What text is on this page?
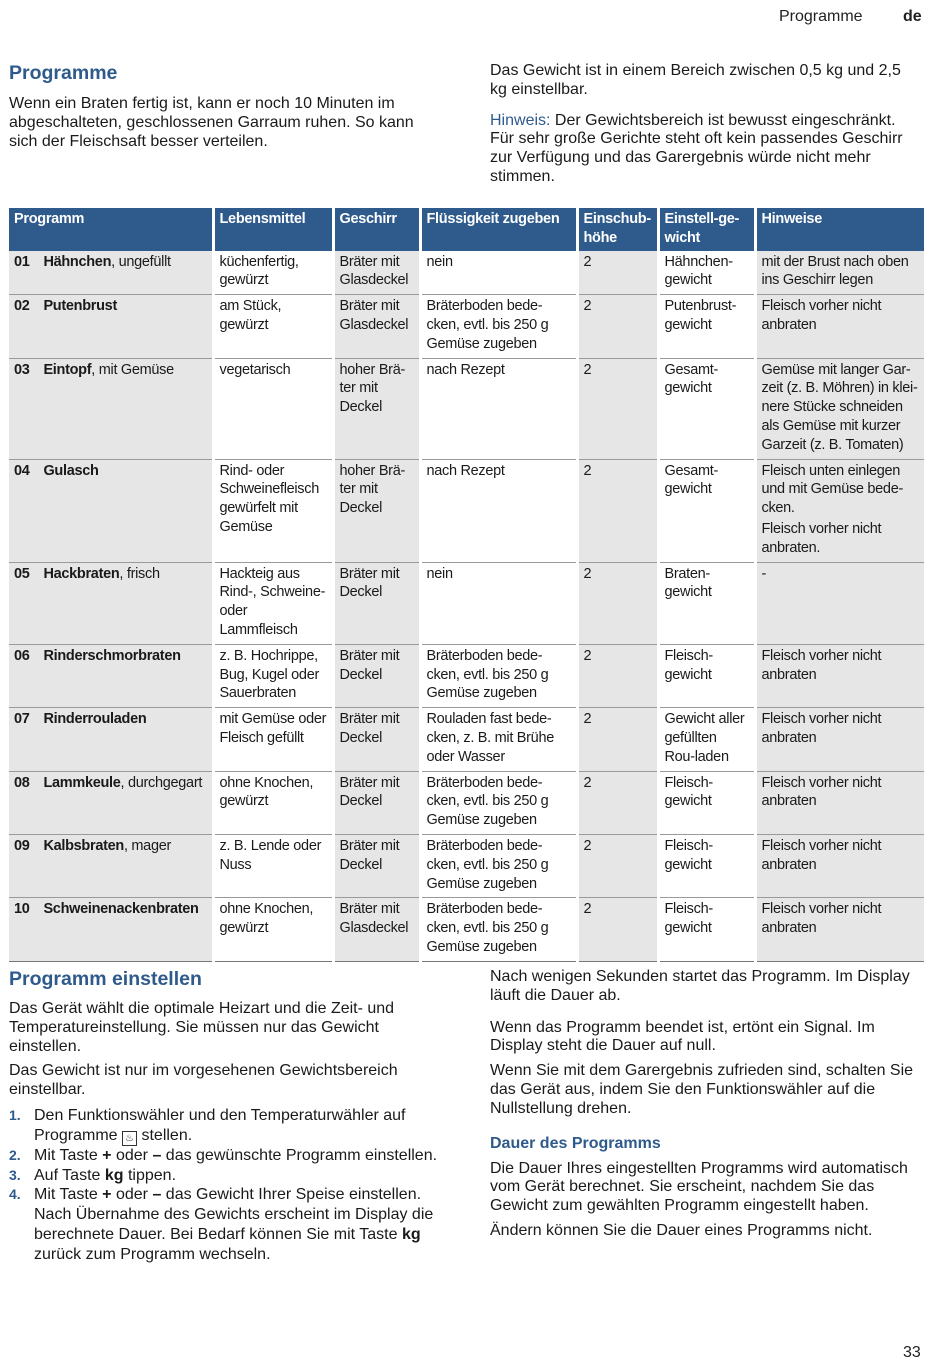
Programme	de
Programme

Wenn ein Braten fertig ist, kann er noch 10 Minuten im abgeschalteten, geschlossenen Garraum ruhen. So kann sich der Fleischsaft besser verteilen.

Das Gewicht ist in einem Bereich zwischen 0,5 kg und 2,5 kg einstellbar.

Hinweis: Der Gewichtsbereich ist bewusst eingeschränkt. Für sehr große Gerichte steht oft kein passendes Geschirr zur Verfügung und das Garergebnis würde nicht mehr stimmen.

Programm	Lebensmittel	Geschirr	Flüssigkeit zugeben	Einschub-höhe	Einstell-ge-wicht	Hinweise
01   Hähnchen, ungefüllt	küchenfertig, gewürzt	Bräter mit Glasdeckel	nein	2	Hähnchen-gewicht	mit der Brust nach oben ins Geschirr legen

02   Putenbrust	am Stück, gewürzt	Bräter mit Glasdeckel	Bräterboden bede-cken, evtl. bis 250 g Gemüse zugeben	2	Putenbrust-gewicht	Fleisch vorher nicht anbraten

03   Eintopf, mit Gemüse	vegetarisch	hoher Brä-ter mit Deckel	nach Rezept	2	Gesamt-gewicht	Gemüse mit langer Gar-zeit (z. B. Möhren) in klei-nere Stücke schneiden als Gemüse mit kurzer Garzeit (z. B. Tomaten)

04   Gulasch	Rind- oder Schweinefleisch gewürfelt mit Gemüse	hoher Brä-ter mit Deckel	nach Rezept	2	Gesamt-gewicht	Fleisch unten einlegen und mit Gemüse bede-cken.
Fleisch vorher nicht anbraten.

05   Hackbraten, frisch	Hackteig aus Rind-, Schweine- oder Lammfleisch	Bräter mit Deckel	nein	2	Braten-gewicht	-

06   Rinderschmorbraten	z. B. Hochrippe, Bug, Kugel oder Sauerbraten	Bräter mit Deckel	Bräterboden bede-cken, evtl. bis 250 g Gemüse zugeben	2	Fleisch-gewicht	Fleisch vorher nicht anbraten

07   Rinderrouladen	mit Gemüse oder Fleisch gefüllt	Bräter mit Deckel	Rouladen fast bede-cken, z. B. mit Brühe oder Wasser	2	Gewicht aller gefüllten Rou-laden	Fleisch vorher nicht anbraten

08   Lammkeule, durchgegart	ohne Knochen, gewürzt	Bräter mit Deckel	Bräterboden bede-cken, evtl. bis 250 g Gemüse zugeben	2	Fleisch-gewicht	Fleisch vorher nicht anbraten

09   Kalbsbraten, mager	z. B. Lende oder Nuss	Bräter mit Deckel	Bräterboden bede-cken, evtl. bis 250 g Gemüse zugeben	2	Fleisch-gewicht	Fleisch vorher nicht anbraten

10   Schweinenackenbraten	ohne Knochen, gewürzt	Bräter mit Glasdeckel	Bräterboden bede-cken, evtl. bis 250 g Gemüse zugeben	2	Fleisch-gewicht	Fleisch vorher nicht anbraten
Programm einstellen

Das Gerät wählt die optimale Heizart und die Zeit- und Temperatureinstellung. Sie müssen nur das Gewicht einstellen.

Das Gewicht ist nur im vorgesehenen Gewichtsbereich einstellbar.

1. Den Funktionswähler und den Temperaturwähler auf Programme ♨ stellen.
2. Mit Taste + oder – das gewünschte Programm einstellen.
3. Auf Taste kg tippen.
4. Mit Taste + oder – das Gewicht Ihrer Speise einstellen.
Nach Übernahme des Gewichts erscheint im Display die berechnete Dauer. Bei Bedarf können Sie mit Taste kg zurück zum Programm wechseln.

Nach wenigen Sekunden startet das Programm. Im Display läuft die Dauer ab.

Wenn das Programm beendet ist, ertönt ein Signal. Im Display steht die Dauer auf null.

Wenn Sie mit dem Garergebnis zufrieden sind, schalten Sie das Gerät aus, indem Sie den Funktionswähler auf die Nullstellung drehen.

Dauer des Programms

Die Dauer Ihres eingestellten Programms wird automatisch vom Gerät berechnet. Sie erscheint, nachdem Sie das Gewicht zum gewählten Programm eingestellt haben.

Ändern können Sie die Dauer eines Programms nicht.

33
